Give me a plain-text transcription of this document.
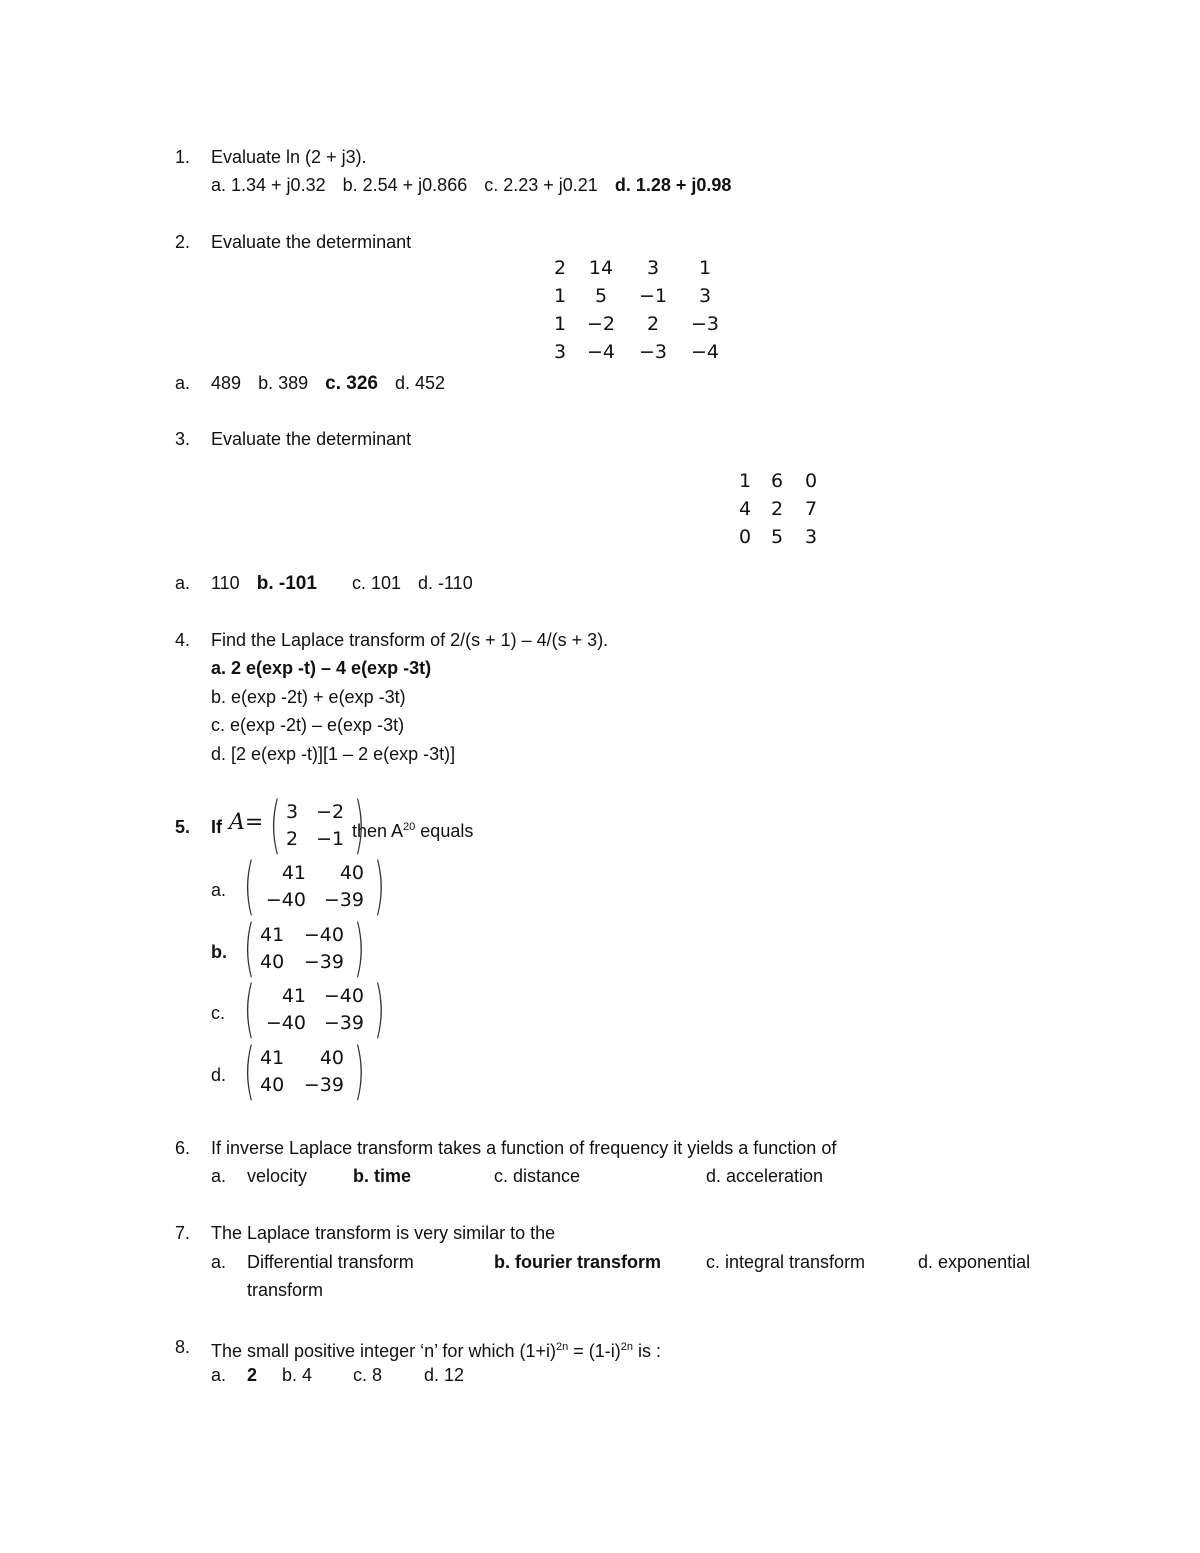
1. Evaluate ln (2 + j3).
a. 1.34 + j0.32 b. 2.54 + j0.866 c. 2.23 + j0.21 d. 1.28 + j0.98
2. Evaluate the determinant
2	14	3	1
1	5	−1	3
1	−2	2	−3
3	−4	−3	−4
a. 489 b. 389 c. 326 d. 452
3. Evaluate the determinant
1	6	0
4	2	7
0	5	3
a. 110 b. -101 c. 101 d. -110
4. Find the Laplace transform of 2/(s + 1) – 4/(s + 3).
a. 2 e(exp -t) – 4 e(exp -3t)
b. e(exp -2t) + e(exp -3t)
c. e(exp -2t) – e(exp -3t)
d. [2 e(exp -t)][1 – 2 e(exp -3t)]
5. If A= ( 3	−2
2	−1 )
then $A^{20}$ equals
a. ( 41	40
−40	−39 )
b. ( 41	−40
40	−39 )
c. ( 41	−40
−40	−39 )
d. ( 41	40
40	−39 )
6. If inverse Laplace transform takes a function of frequency it yields a function of
a. velocity	b. time	c. distance	d. acceleration
7. The Laplace transform is very similar to the
a. Differential transform	b. fourier transform c. integral transform	d. exponential
transform
8. The small positive integer ‘n’ for which $(1+i)^{2n} = (1-i)^{2n}$ is :
a. 2 b. 4 c. 8 d. 12
